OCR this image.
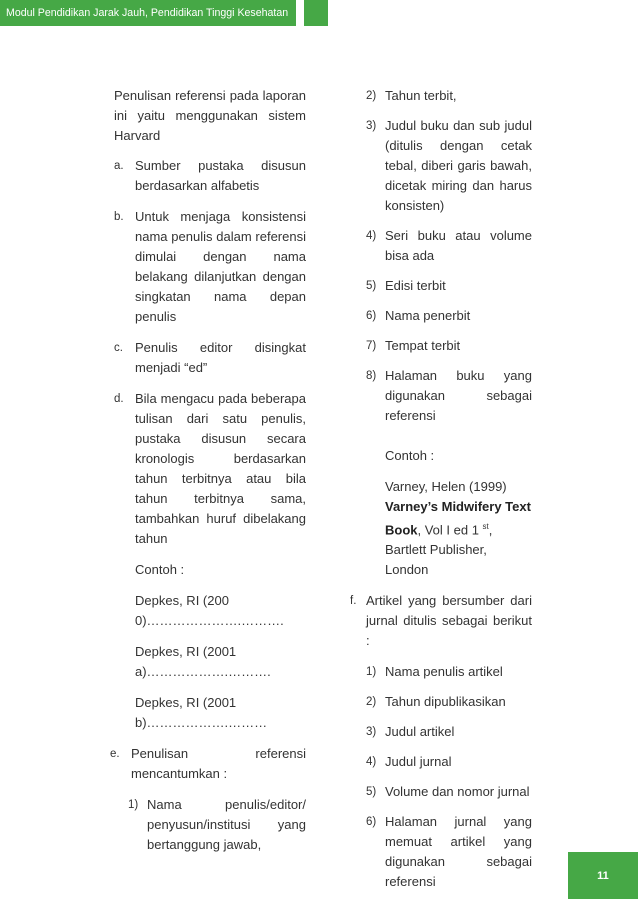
Modul Pendidikan Jarak Jauh, Pendidikan Tinggi Kesehatan

Penulisan referensi pada laporan ini yaitu menggunakan sistem Harvard

a. Sumber pustaka disusun berdasarkan alfabetis
b. Untuk menjaga konsistensi nama penulis dalam referensi dimulai dengan nama belakang dilanjutkan dengan singkatan nama depan penulis
c. Penulis editor disingkat menjadi “ed”
d. Bila mengacu pada beberapa tulisan dari satu penulis, pustaka disusun secara kronologis berdasarkan tahun terbitnya atau bila tahun terbitnya sama, tambahkan huruf dibelakang tahun

Contoh :

Depkes, RI (2000)………………….……….

Depkes, RI (2001a)……………….……….

Depkes, RI (2001b)……………….………

e. Penulisan referensi mencantumkan :
1) Nama penulis/editor/ penyusun/institusi yang bertanggung jawab,
2) Tahun terbit,
3) Judul buku dan sub judul (ditulis dengan cetak tebal, diberi garis bawah, dicetak miring dan harus konsisten)
4) Seri buku atau volume bisa ada
5) Edisi terbit
6) Nama penerbit
7) Tempat terbit
8) Halaman buku yang digunakan sebagai referensi

Contoh :

Varney, Helen (1999) Varney’s Midwifery Text Book, Vol I ed 1 $^{st}$, Bartlett Publisher, London

f. Artikel yang bersumber dari jurnal ditulis sebagai berikut :
1) Nama penulis artikel
2) Tahun dipublikasikan
3) Judul artikel
4) Judul jurnal
5) Volume dan nomor jurnal
6) Halaman jurnal yang memuat artikel yang digunakan sebagai referensi	11
